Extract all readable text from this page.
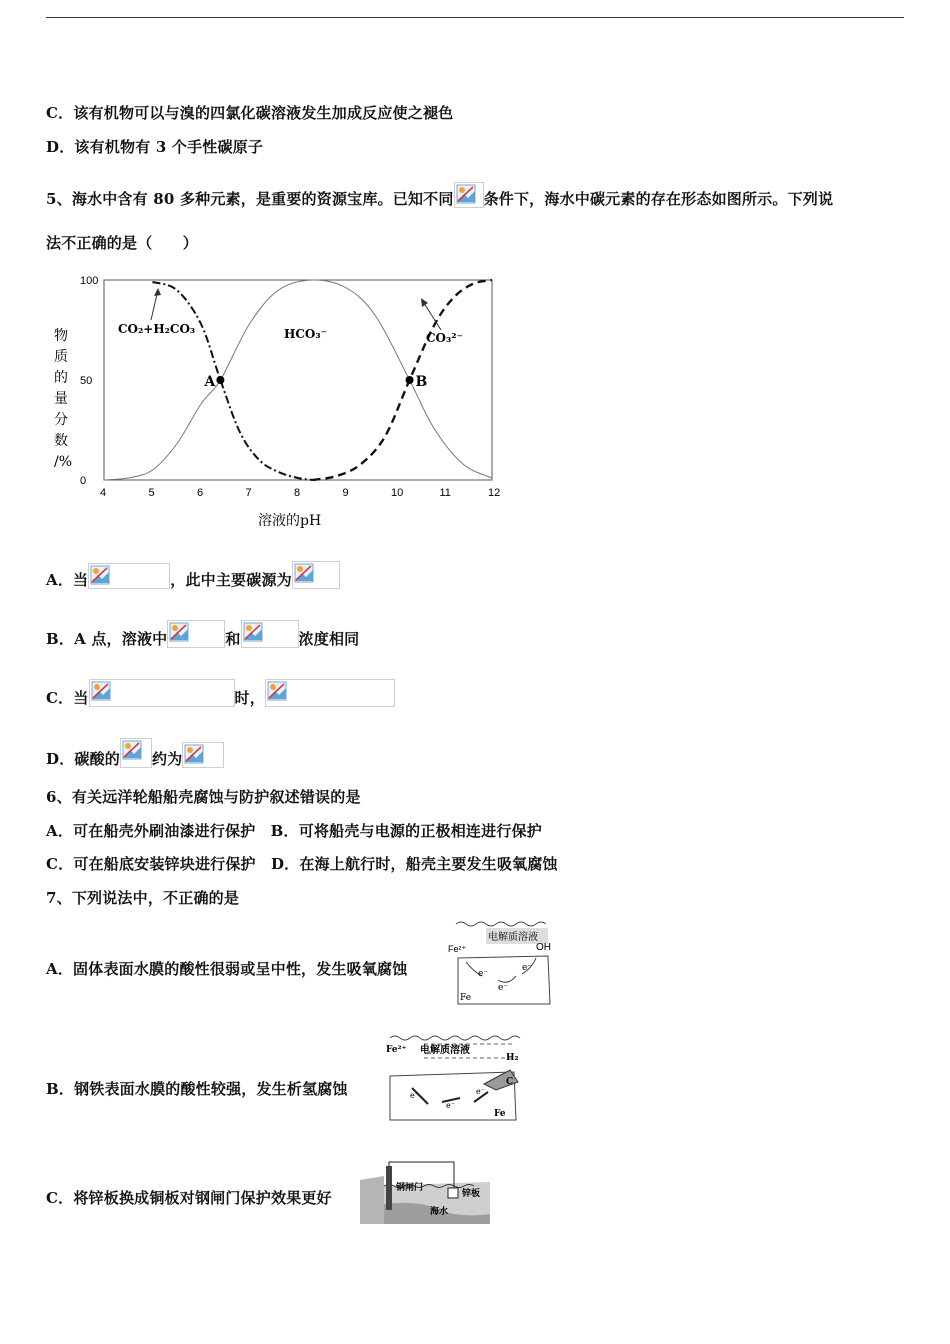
C．该有机物可以与溴的四氯化碳溶液发生加成反应使之褪色
D．该有机物有 3 个手性碳原子
5、海水中含有 80 多种元素，是重要的资源宝库。已知不同 条件下，海水中碳元素的存在形态如图所示。下列说
法不正确的是（　　）
4	5	6	7	8	9	10	11	12
0
50
100
A	B
CO₂+H₂CO₃	HCO₃⁻	CO₃²⁻
物
质
的
量
分
数
/%
溶液的pH
A．当	，此中主要碳源为
B．A 点，溶液中	和	浓度相同
C．当	时，
D．碳酸的 约为
6、有关远洋轮船船壳腐蚀与防护叙述错误的是
A．可在船壳外刷油漆进行保护　B．可将船壳与电源的正极相连进行保护
C．可在船底安装锌块进行保护　D．在海上航行时，船壳主要发生吸氧腐蚀
7、下列说法中，不正确的是
A．固体表面水膜的酸性很弱或呈中性，发生吸氧腐蚀
电解质溶液
OH
Fe²⁺
e⁻
e⁻
e⁻
Fe
B．钢铁表面水膜的酸性较强，发生析氢腐蚀
Fe²⁺ 电解质溶液
H₂
C
e⁻
e⁻
e⁻
Fe
C．将锌板换成铜板对钢闸门保护效果更好
钢闸门
锌板
海水
